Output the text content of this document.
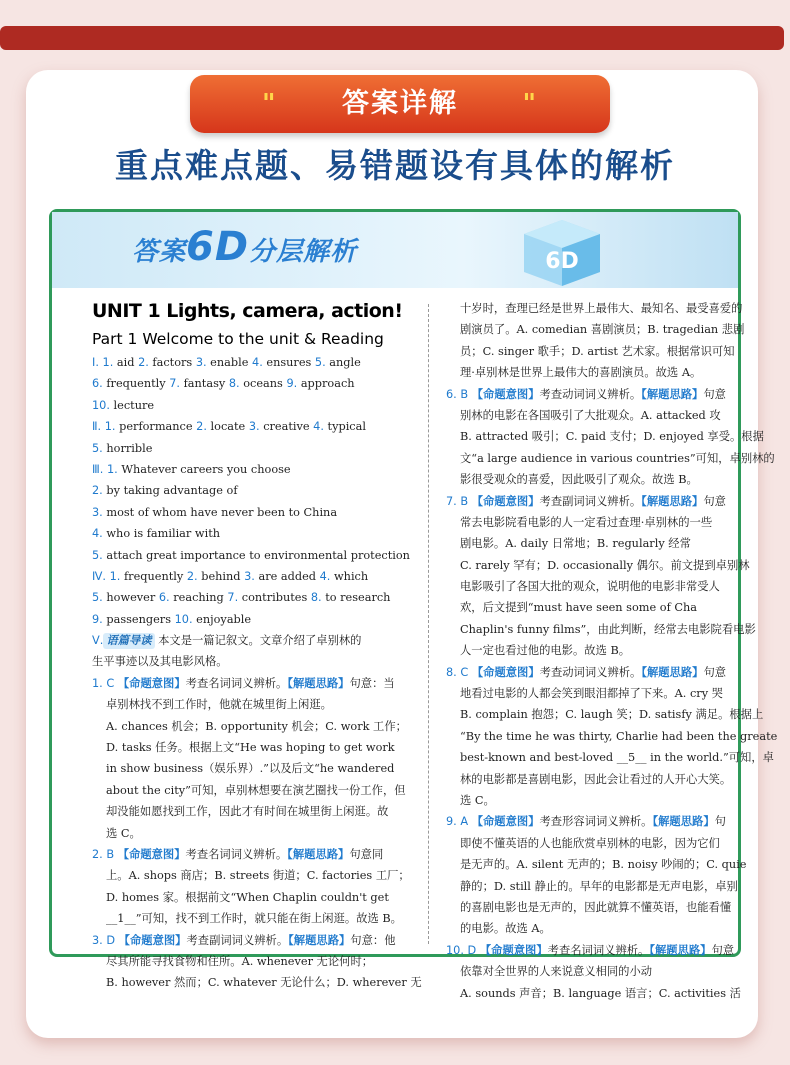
" 答案详解 "
重点难点题、易错题设有具体的解析
答案6D分层解析	6D
UNIT 1 Lights, camera, action!
Part 1 Welcome to the unit & Reading
Ⅰ. 1. aid 2. factors 3. enable 4. ensures 5. angle
6. frequently 7. fantasy 8. oceans 9. approach
10. lecture
Ⅱ. 1. performance 2. locate 3. creative 4. typical
5. horrible
Ⅲ. 1. Whatever careers you choose
2. by taking advantage of
3. most of whom have never been to China
4. who is familiar with
5. attach great importance to environmental protection
Ⅳ. 1. frequently 2. behind 3. are added 4. which
5. however 6. reaching 7. contributes 8. to research
9. passengers 10. enjoyable
Ⅴ. 语篇导读 本文是一篇记叙文。文章介绍了卓别林的
生平事迹以及其电影风格。
1. C 【命题意图】考查名词词义辨析。【解题思路】句意：当
卓别林找不到工作时，他就在城里街上闲逛。
A. chances 机会；B. opportunity 机会；C. work 工作；
D. tasks 任务。根据上文“He was hoping to get work
in show business（娱乐界）.”以及后文“he wandered
about the city”可知，卓别林想要在演艺圈找一份工作，但
却没能如愿找到工作，因此才有时间在城里街上闲逛。故
选 C。
2. B 【命题意图】考查名词词义辨析。【解题思路】句意同
上。A. shops 商店；B. streets 街道；C. factories 工厂；
D. homes 家。根据前文“When Chaplin couldn't get
__1__”可知，找不到工作时，就只能在街上闲逛。故选 B。
3. D 【命题意图】考查副词词义辨析。【解题思路】句意：他
尽其所能寻找食物和住所。A. whenever 无论何时；
B. however 然而；C. whatever 无论什么；D. wherever 无
十岁时，查理已经是世界上最伟大、最知名、最受喜爱的
剧演员了。A. comedian 喜剧演员；B. tragedian 悲剧
员；C. singer 歌手；D. artist 艺术家。根据常识可知
理·卓别林是世界上最伟大的喜剧演员。故选 A。
6. B 【命题意图】考查动词词义辨析。【解题思路】句意
别林的电影在各国吸引了大批观众。A. attacked 攻
B. attracted 吸引；C. paid 支付；D. enjoyed 享受。根据
文“a large audience in various countries”可知，卓别林的
影很受观众的喜爱，因此吸引了观众。故选 B。
7. B 【命题意图】考查副词词义辨析。【解题思路】句意
常去电影院看电影的人一定看过查理·卓别林的一些
剧电影。A. daily 日常地；B. regularly 经常
C. rarely 罕有；D. occasionally 偶尔。前文提到卓别林
电影吸引了各国大批的观众，说明他的电影非常受人
欢，后文提到“must have seen some of Cha
Chaplin's funny films”，由此判断，经常去电影院看电影
人一定也看过他的电影。故选 B。
8. C 【命题意图】考查动词词义辨析。【解题思路】句意
地看过电影的人都会笑到眼泪都掉了下来。A. cry 哭
B. complain 抱怨；C. laugh 笑；D. satisfy 满足。根据上
“By the time he was thirty, Charlie had been the greate
best-known and best-loved __5__ in the world.”可知，卓
林的电影都是喜剧电影，因此会让看过的人开心大笑。
选 C。
9. A 【命题意图】考查形容词词义辨析。【解题思路】句
即使不懂英语的人也能欣赏卓别林的电影，因为它们
是无声的。A. silent 无声的；B. noisy 吵闹的；C. quie
静的；D. still 静止的。早年的电影都是无声电影，卓别
的喜剧电影也是无声的，因此就算不懂英语，也能看懂
的电影。故选 A。
10. D 【命题意图】考查名词词义辨析。【解题思路】句意
依靠对全世界的人来说意义相同的小动
A. sounds 声音；B. language 语言；C. activities 活
